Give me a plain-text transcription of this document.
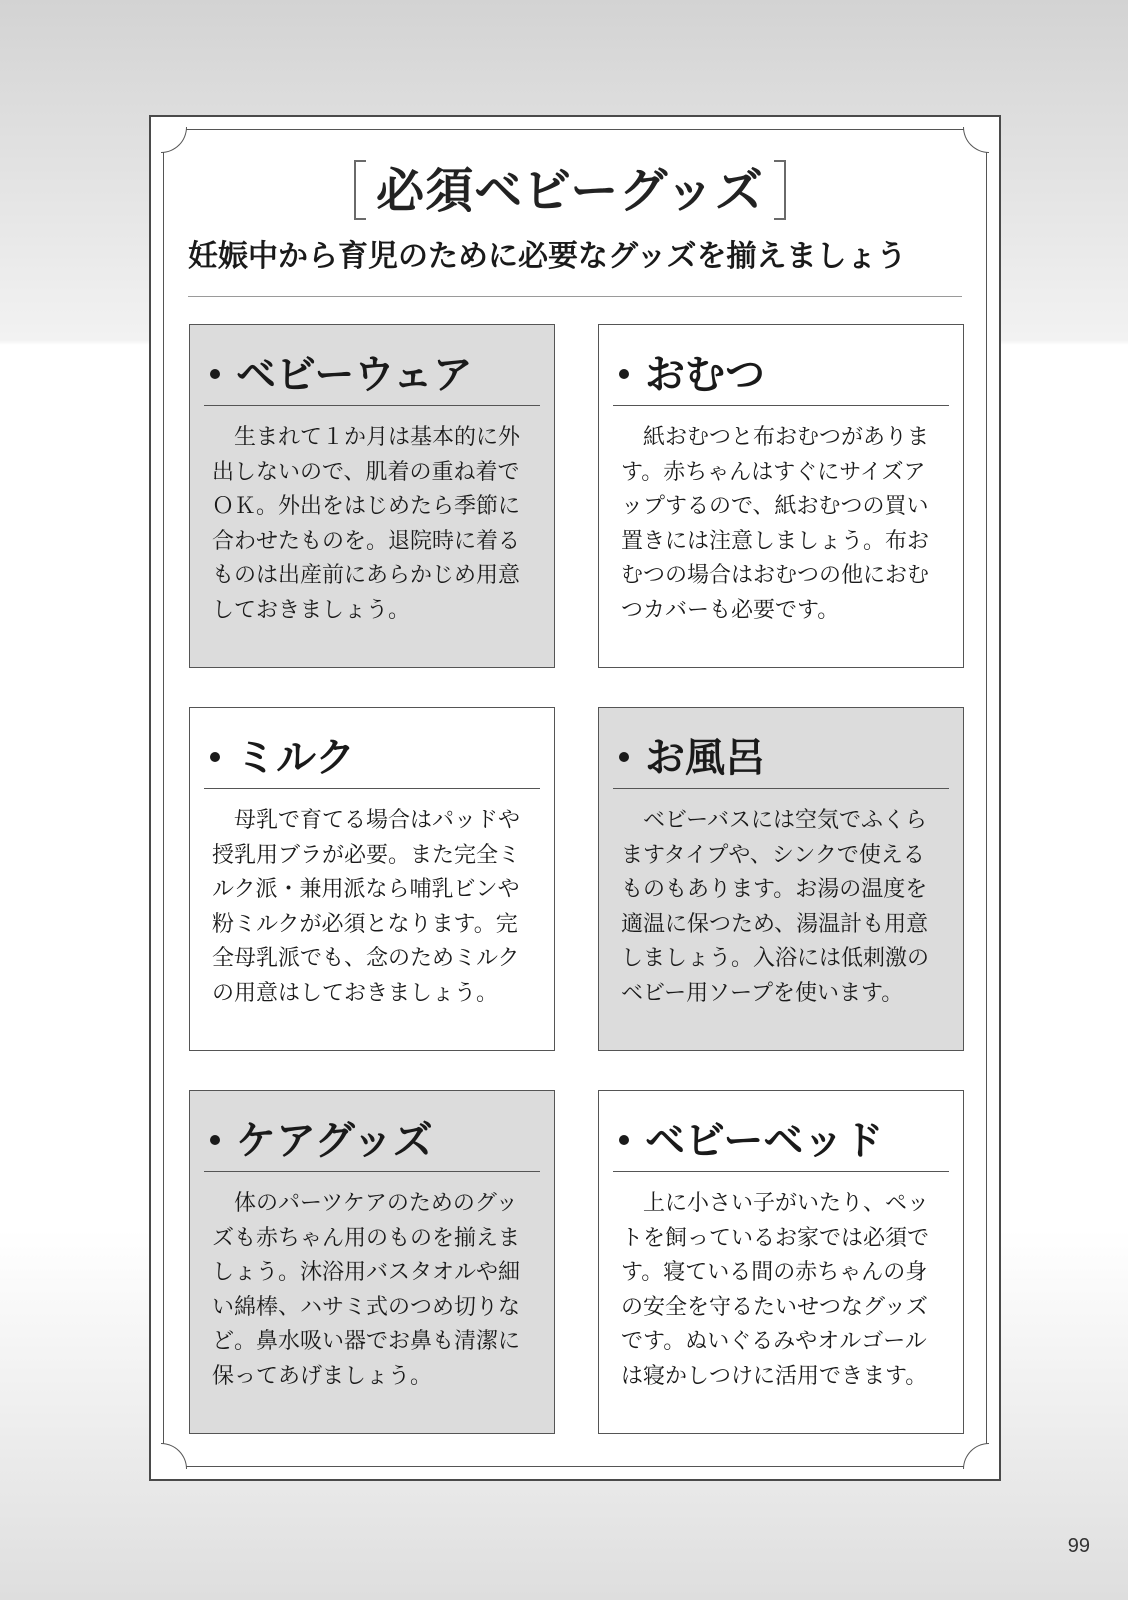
必須ベビーグッズ
妊娠中から育児のために必要なグッズを揃えましょう
ベビーウェア

生まれて１か月は基本的に外出しないので、肌着の重ね着でＯＫ。外出をはじめたら季節に合わせたものを。退院時に着るものは出産前にあらかじめ用意しておきましょう。

おむつ

紙おむつと布おむつがあります。赤ちゃんはすぐにサイズアップするので、紙おむつの買い置きには注意しましょう。布おむつの場合はおむつの他におむつカバーも必要です。

ミルク

母乳で育てる場合はパッドや授乳用ブラが必要。また完全ミルク派・兼用派なら哺乳ビンや粉ミルクが必須となります。完全母乳派でも、念のためミルクの用意はしておきましょう。

お風呂

ベビーバスには空気でふくらますタイプや、シンクで使えるものもあります。お湯の温度を適温に保つため、湯温計も用意しましょう。入浴には低刺激のベビー用ソープを使います。

ケアグッズ

体のパーツケアのためのグッズも赤ちゃん用のものを揃えましょう。沐浴用バスタオルや細い綿棒、ハサミ式のつめ切りなど。鼻水吸い器でお鼻も清潔に保ってあげましょう。

ベビーベッド

上に小さい子がいたり、ペットを飼っているお家では必須です。寝ている間の赤ちゃんの身の安全を守るたいせつなグッズです。ぬいぐるみやオルゴールは寝かしつけに活用できます。

99
